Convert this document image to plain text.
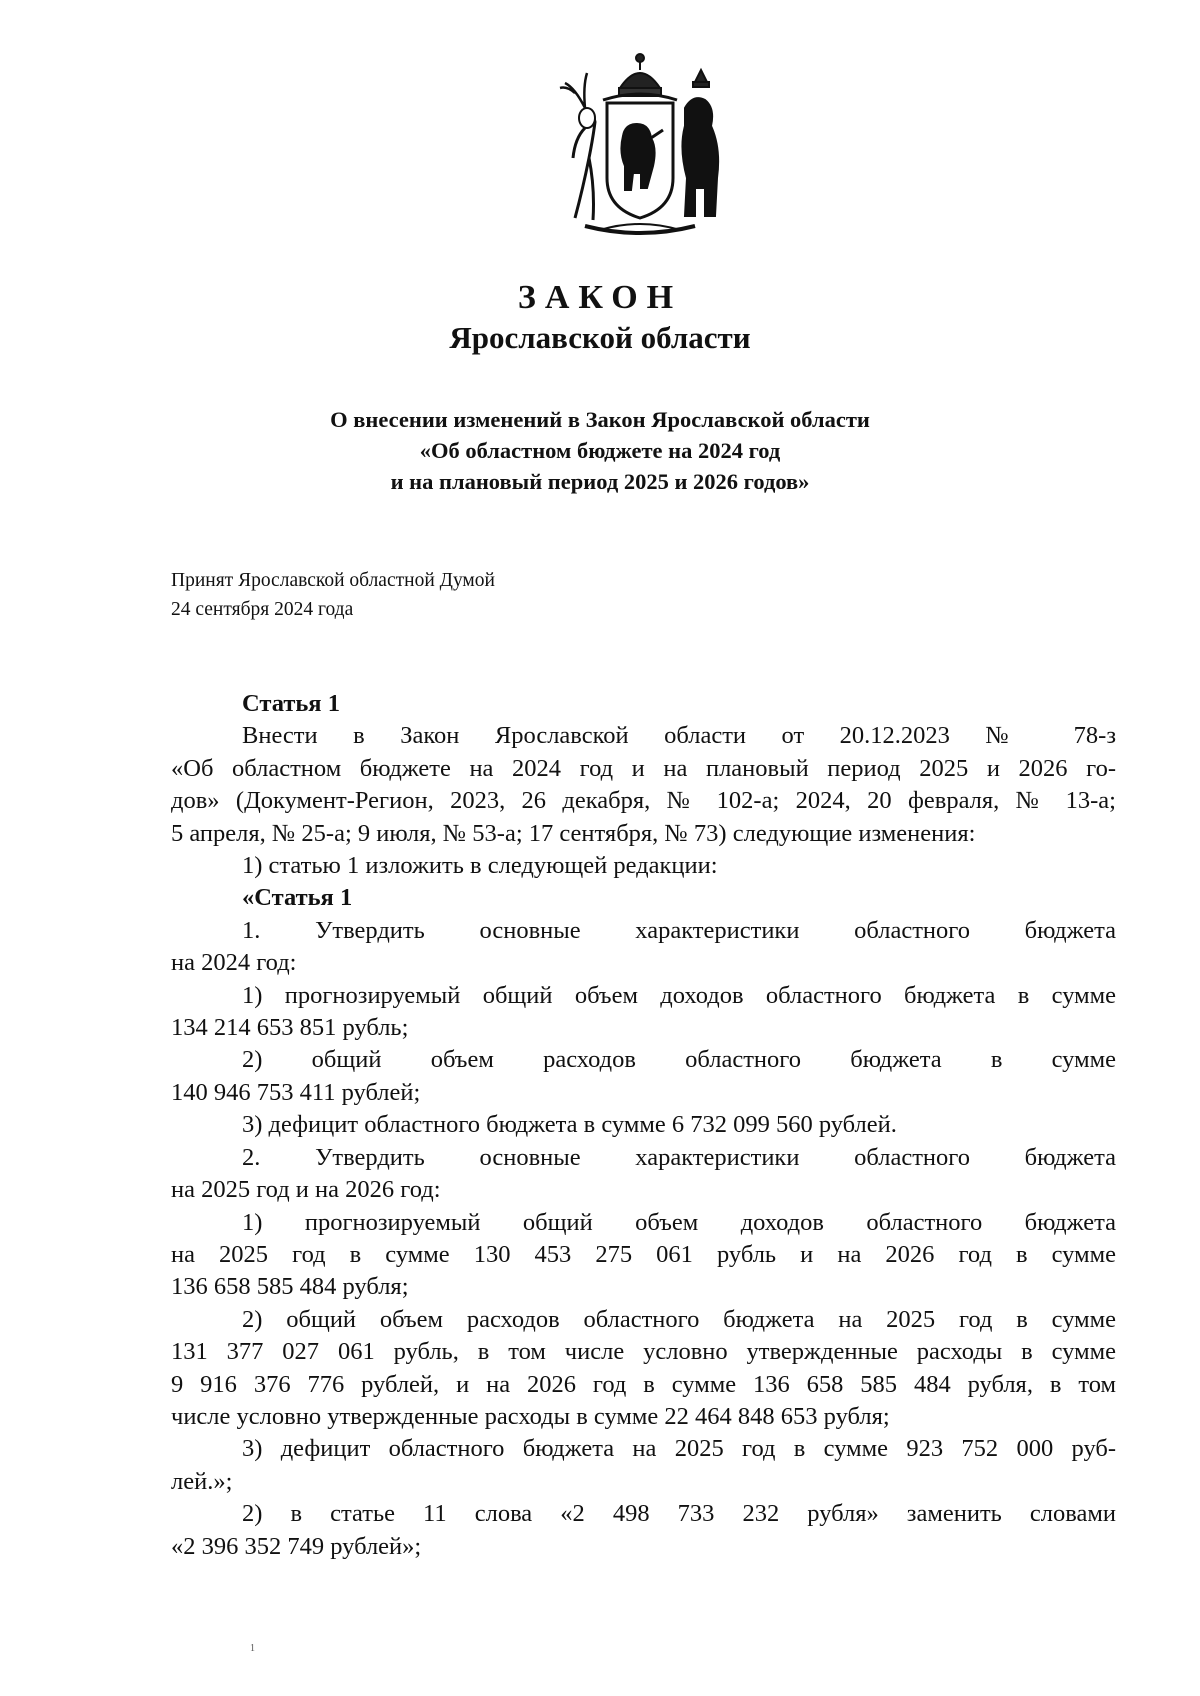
ЗАКОН
Ярославской области
О внесении изменений в Закон Ярославской области
«Об областном бюджете на 2024 год
и на плановый период 2025 и 2026 годов»
Принят Ярославской областной Думой
24 сентября 2024 года
Статья 1
Внести в Закон Ярославской области от 20.12.2023 № 78-з
«Об областном бюджете на 2024 год и на плановый период 2025 и 2026 го-
дов» (Документ-Регион, 2023, 26 декабря, № 102-а; 2024, 20 февраля, № 13-а;
5 апреля, № 25-а; 9 июля, № 53-а; 17 сентября, № 73) следующие изменения:
1) статью 1 изложить в следующей редакции:
«Статья 1
1. Утвердить основные характеристики областного бюджета
на 2024 год:
1) прогнозируемый общий объем доходов областного бюджета в сумме
134 214 653 851 рубль;
2) общий объем расходов областного бюджета в сумме
140 946 753 411 рублей;
3) дефицит областного бюджета в сумме 6 732 099 560 рублей.
2. Утвердить основные характеристики областного бюджета
на 2025 год и на 2026 год:
1) прогнозируемый общий объем доходов областного бюджета
на 2025 год в сумме 130 453 275 061 рубль и на 2026 год в сумме
136 658 585 484 рубля;
2) общий объем расходов областного бюджета на 2025 год в сумме
131 377 027 061 рубль, в том числе условно утвержденные расходы в сумме
9 916 376 776 рублей, и на 2026 год в сумме 136 658 585 484 рубля, в том
числе условно утвержденные расходы в сумме 22 464 848 653 рубля;
3) дефицит областного бюджета на 2025 год в сумме 923 752 000 руб-
лей.»;
2) в статье 11 слова «2 498 733 232 рубля» заменить словами
«2 396 352 749 рублей»;
1
